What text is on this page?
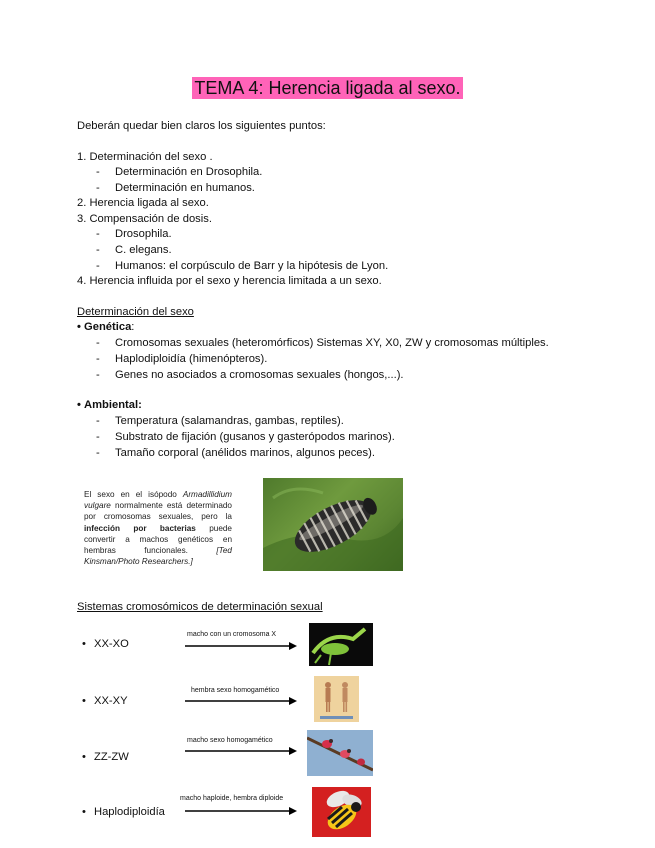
TEMA 4: Herencia ligada al sexo.
Deberán quedar bien claros los siguientes puntos:
1. Determinación del sexo .
- Determinación en Drosophila.
- Determinación en humanos.
2. Herencia ligada al sexo.
3. Compensación de dosis.
- Drosophila.
- C. elegans.
- Humanos: el corpúsculo de Barr y la hipótesis de Lyon.
4. Herencia influida por el sexo y herencia limitada a un sexo.
Determinación del sexo
• Genética:
- Cromosomas sexuales (heteromórficos) Sistemas XY, X0, ZW y cromosomas múltiples.
- Haplodiploidía (himenópteros).
- Genes no asociados a cromosomas sexuales (hongos,...).
• Ambiental:
- Temperatura (salamandras, gambas, reptiles).
- Substrato de fijación (gusanos y gasterópodos marinos).
- Tamaño corporal (anélidos marinos, algunos peces).
El sexo en el isópodo Armadillidium vulgare normalmente está determinado por cromosomas sexuales, pero la infección por bacterias puede convertir a machos genéticos en hembras funcionales. [Ted Kinsman/Photo Researchers.]
Sistemas cromosómicos de determinación sexual
• XX-XO
macho con un cromosoma X
• XX-XY
hembra sexo homogamético
• ZZ-ZW
macho sexo homogamético
• Haplodiploidía
macho haploide, hembra diploide
